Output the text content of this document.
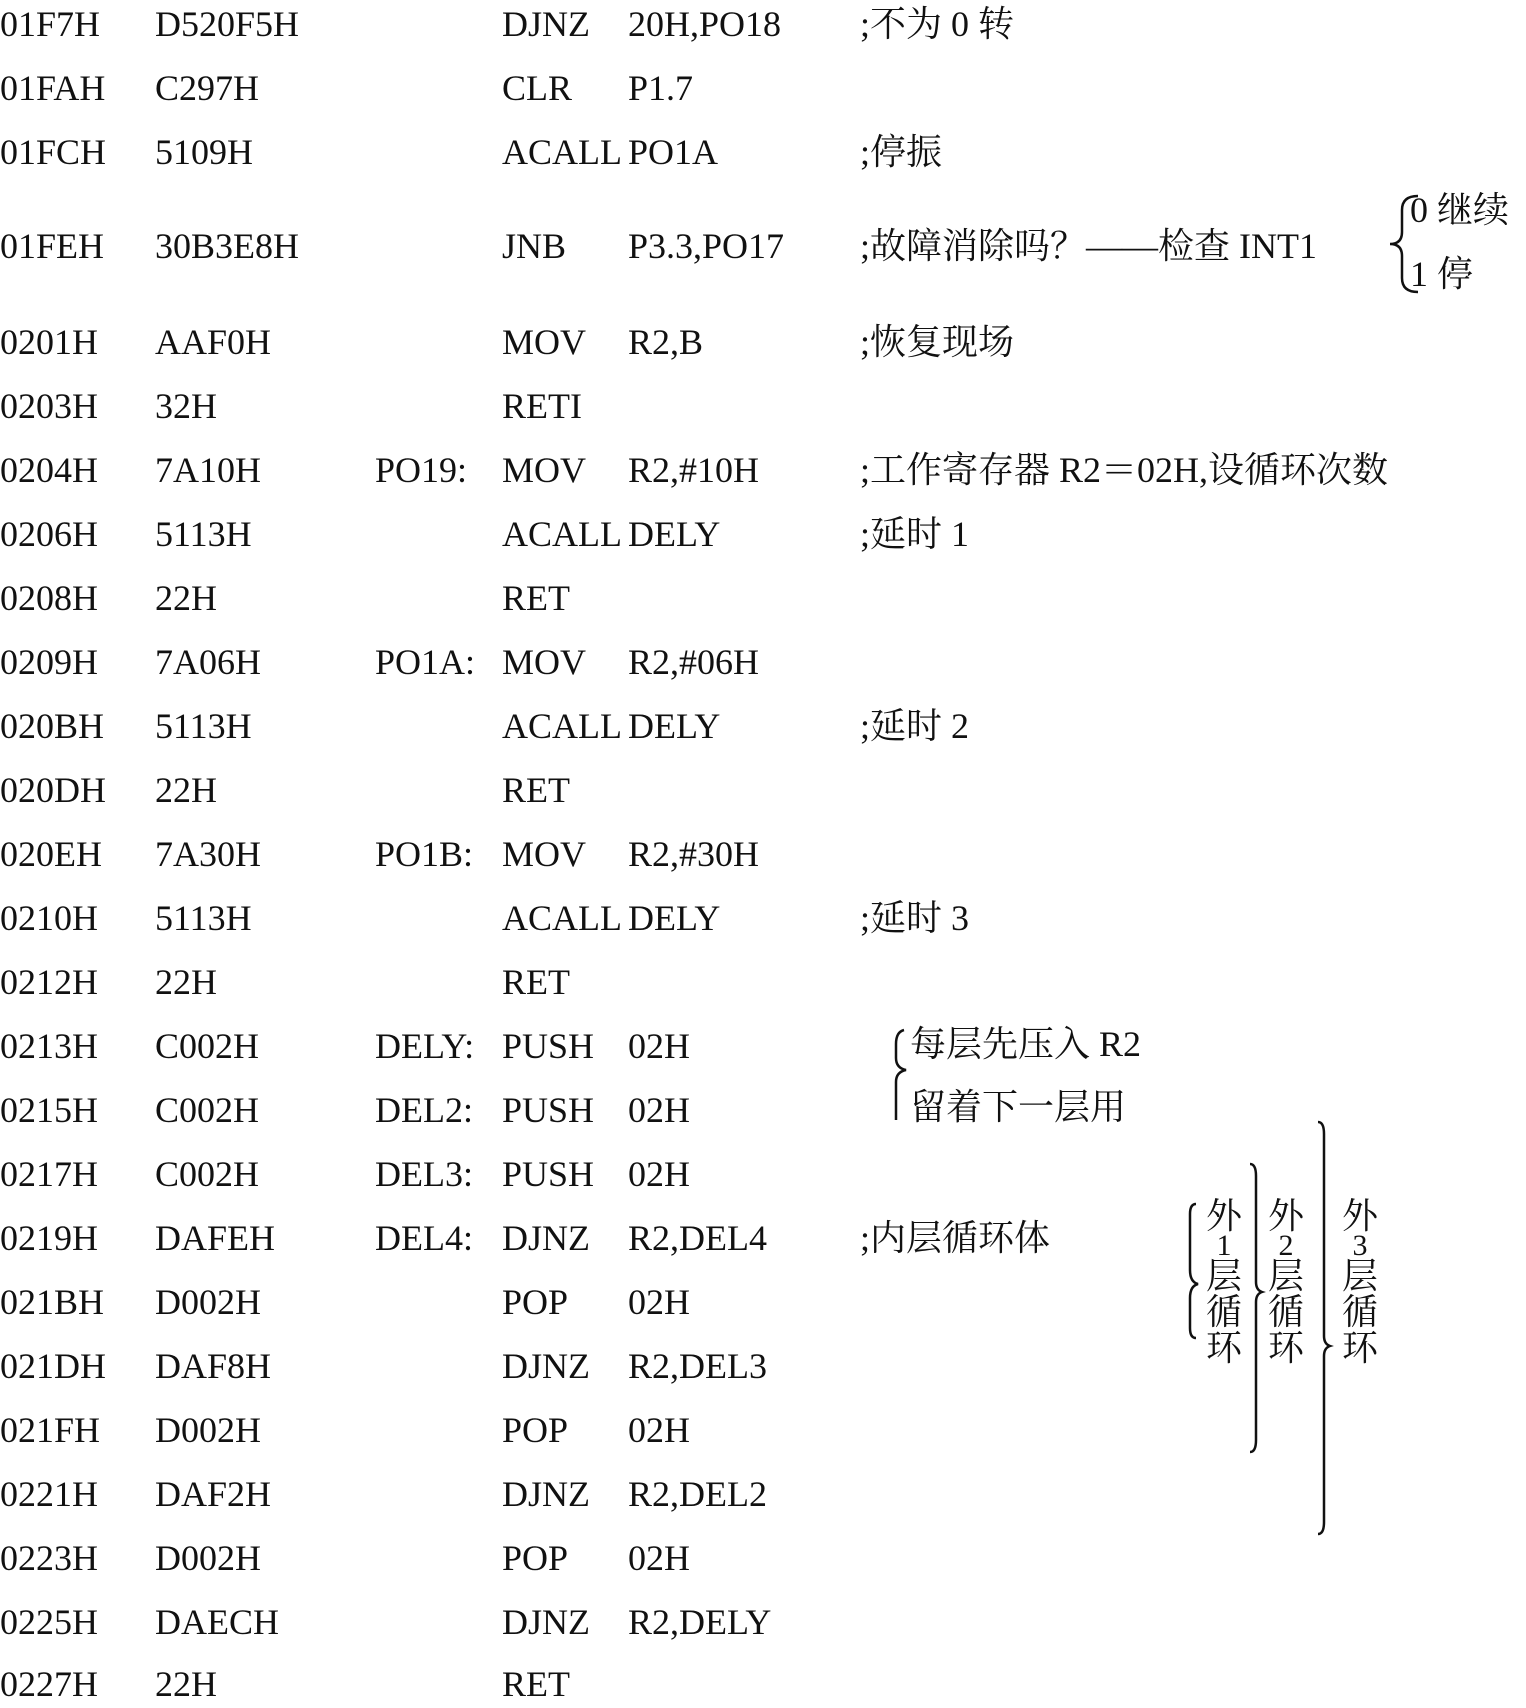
01F7H D520F5H	DJNZ 20H,PO18 ;不为 0 转
01FAH C297H	CLR P1.7
01FCH 5109H	ACALL PO1A	;停振
01FEH 30B3E8H	JNB P3.3,PO17 ;故障消除吗？——检查 INT1
0201H AAF0H	MOV R2,B	;恢复现场
0203H 32H	RETI
0204H 7A10H	PO19: MOV R2,#10H	;工作寄存器 R2＝02H,设循环次数
0206H 5113H	ACALL DELY	;延时 1
0208H 22H	RET
0209H 7A06H	PO1A: MOV R2,#06H
020BH 5113H	ACALL DELY	;延时 2
020DH 22H	RET
020EH 7A30H	PO1B: MOV R2,#30H
0210H 5113H	ACALL DELY	;延时 3
0212H 22H	RET
0213H C002H	DELY: PUSH 02H
0215H C002H	DEL2: PUSH 02H
0217H C002H	DEL3: PUSH 02H
0219H DAFEH	DEL4: DJNZ R2,DEL4	;内层循环体
021BH D002H	POP 02H
021DH DAF8H	DJNZ R2,DEL3
021FH D002H	POP 02H
0221H DAF2H	DJNZ R2,DEL2
0223H D002H	POP 02H
0225H DAECH	DJNZ R2,DELY
0227H 22H	RET
0 继续
1 停
每层先压入 R2
留着下一层用
外
1
层
循
环
外
2
层
循
环
外
3
层
循
环
